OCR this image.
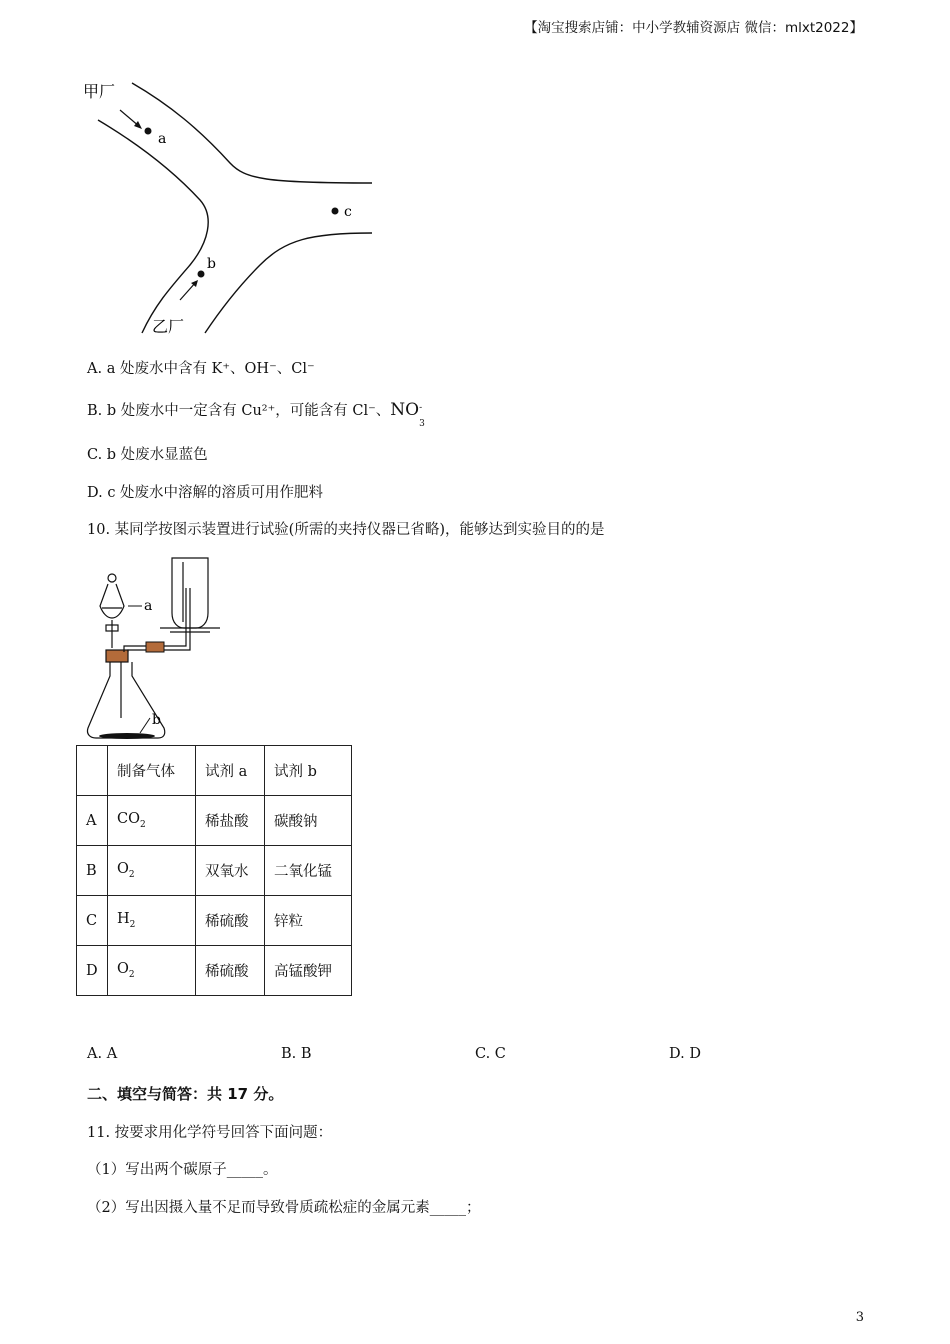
【淘宝搜索店铺：中小学教辅资源店 微信：mlxt2022】
a
c
b
甲厂
乙厂
A. a 处废水中含有 K⁺、OH⁻、Cl⁻
B. b 处废水中一定含有 Cu²⁺，可能含有 Cl⁻、NO -
3
C. b 处废水显蓝色
D. c 处废水中溶解的溶质可用作肥料
10. 某同学按图示装置进行试验(所需的夹持仪器已省略)，能够达到实验目的的是
a
b
	制备气体	试剂 a	试剂 b
A	$CO_2$	稀盐酸	碳酸钠
B	$O_2$	双氧水	二氧化锰
C	$H_2$	稀硫酸	锌粒
D	$O_2$	稀硫酸	高锰酸钾
A. A	B. B	C. C	D. D
二、填空与简答：共 17 分。
11. 按要求用化学符号回答下面问题：
（1）写出两个碳原子_____。
（2）写出因摄入量不足而导致骨质疏松症的金属元素_____；
3
